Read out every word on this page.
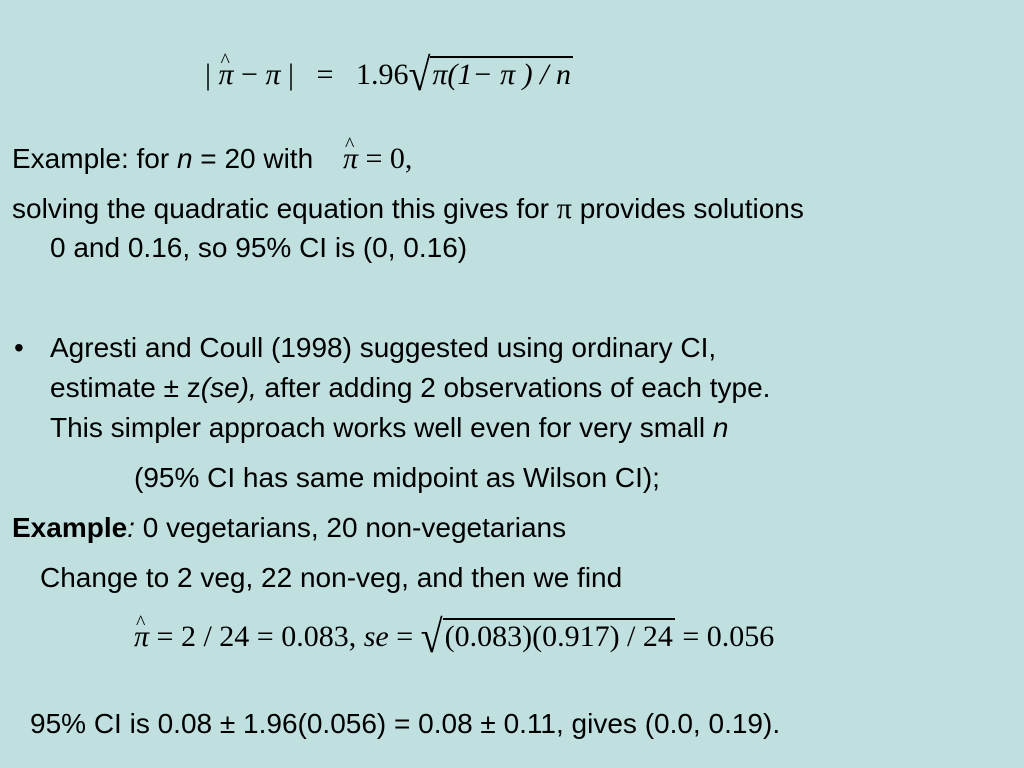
| ^ π − π | = 1.96√π(1− π ) / n
Example: for n = 20 with ^ π = 0,
solving the quadratic equation this gives for π provides solutions
0 and 0.16, so 95% CI is (0, 0.16)
• Agresti and Coull (1998) suggested using ordinary CI,
estimate ± z(se), after adding 2 observations of each type.
This simpler approach works well even for very small n
(95% CI has same midpoint as Wilson CI);
Example: 0 vegetarians, 20 non-vegetarians
Change to 2 veg, 22 non-veg, and then we find
^ π = 2 / 24 = 0.083, se = √(0.083)(0.917) / 24 = 0.056
95% CI is 0.08 ± 1.96(0.056) = 0.08 ± 0.11, gives (0.0, 0.19).
